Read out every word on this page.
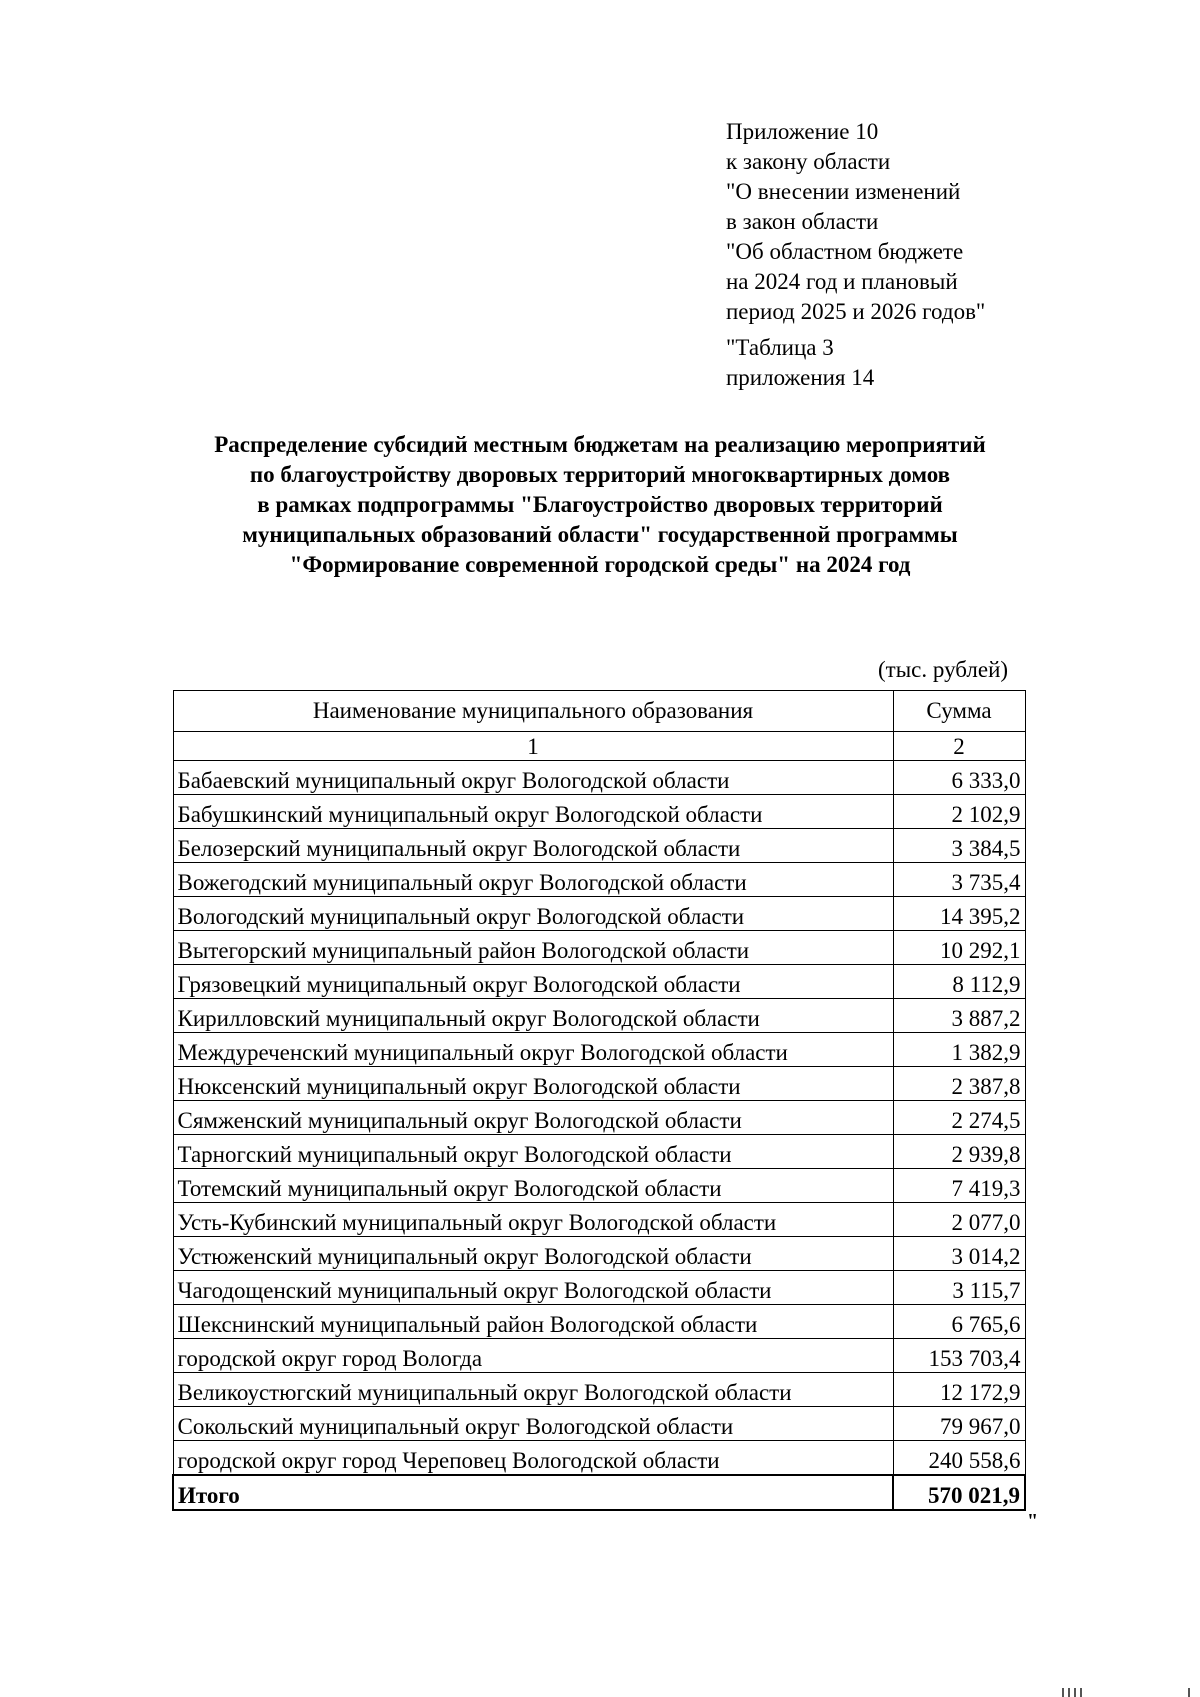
Приложение 10
к закону области
"О внесении изменений
в закон области
"Об областном бюджете
на 2024 год и плановый
период 2025 и 2026 годов"
"Таблица 3
приложения 14
Распределение субсидий местным бюджетам на реализацию мероприятий
по благоустройству дворовых территорий многоквартирных домов
в рамках подпрограммы "Благоустройство дворовых территорий
муниципальных образований области" государственной программы
"Формирование современной городской среды" на 2024 год
(тыс. рублей)
Наименование муниципального образования	Сумма
1	2
Бабаевский муниципальный округ Вологодской области	6 333,0
Бабушкинский муниципальный округ Вологодской области	2 102,9
Белозерский муниципальный округ Вологодской области	3 384,5
Вожегодский муниципальный округ Вологодской области	3 735,4
Вологодский муниципальный округ Вологодской области	14 395,2
Вытегорский муниципальный район Вологодской области	10 292,1
Грязовецкий муниципальный округ Вологодской области	8 112,9
Кирилловский муниципальный округ Вологодской области	3 887,2
Междуреченский муниципальный округ Вологодской области	1 382,9
Нюксенский муниципальный округ Вологодской области	2 387,8
Сямженский муниципальный округ Вологодской области	2 274,5
Тарногский муниципальный округ Вологодской области	2 939,8
Тотемский муниципальный округ Вологодской области	7 419,3
Усть-Кубинский муниципальный округ Вологодской области	2 077,0
Устюженский муниципальный округ Вологодской области	3 014,2
Чагодощенский муниципальный округ Вологодской области	3 115,7
Шекснинский муниципальный район Вологодской области	6 765,6
городской округ город Вологда	153 703,4
Великоустюгский муниципальный округ Вологодской области	12 172,9
Сокольский муниципальный округ Вологодской области	79 967,0
городской округ город Череповец Вологодской области	240 558,6
Итого	570 021,9
"
